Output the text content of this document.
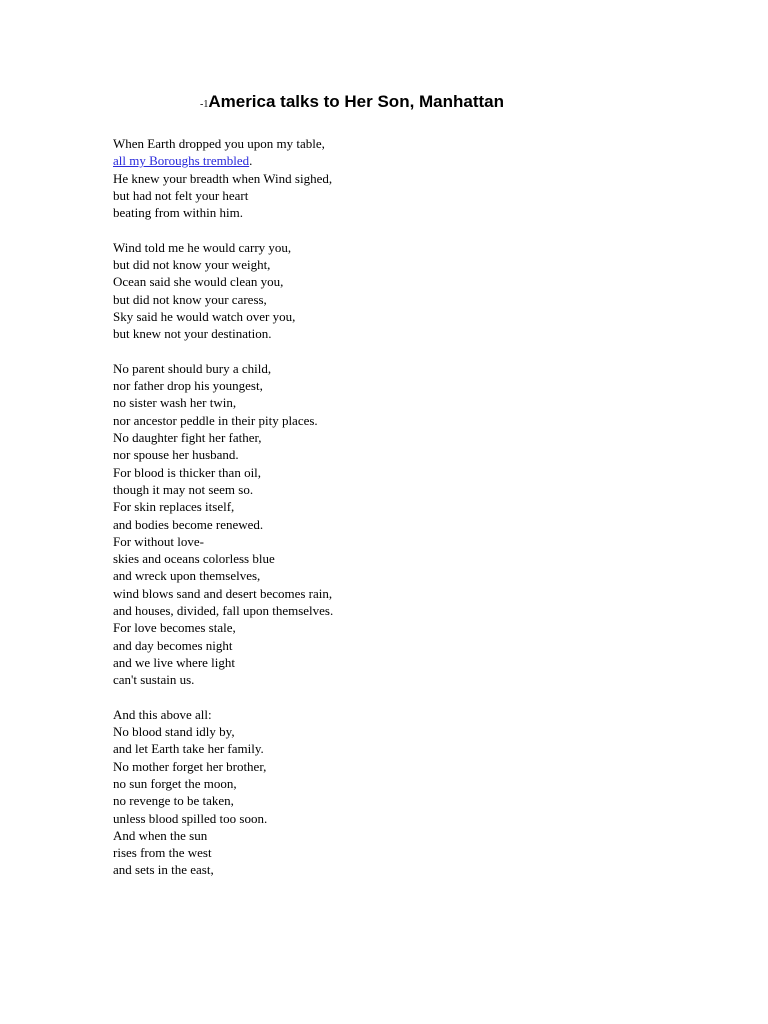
-1America talks to Her Son, Manhattan
When Earth dropped you upon my table,
all my Boroughs trembled.
He knew your breadth when Wind sighed,
but had not felt your heart
beating from within him.
Wind told me he would carry you,
but did not know your weight,
Ocean said she would clean you,
but did not know your caress,
Sky said he would watch over you,
but knew not your destination.
No parent should bury a child,
nor father drop his youngest,
no sister wash her twin,
nor ancestor peddle in their pity places.
No daughter fight her father,
nor spouse her husband.
For blood is thicker than oil,
though it may not seem so.
For skin replaces itself,
and bodies become renewed.
For without love-
skies and oceans colorless blue
and wreck upon themselves,
wind blows sand and desert becomes rain,
and houses, divided, fall upon themselves.
For love becomes stale,
and day becomes night
and we live where light
can't sustain us.
And this above all:
No blood stand idly by,
and let Earth take her family.
No mother forget her brother,
no sun forget the moon,
no revenge to be taken,
unless blood spilled too soon.
And when the sun
rises from the west
and sets in the east,
